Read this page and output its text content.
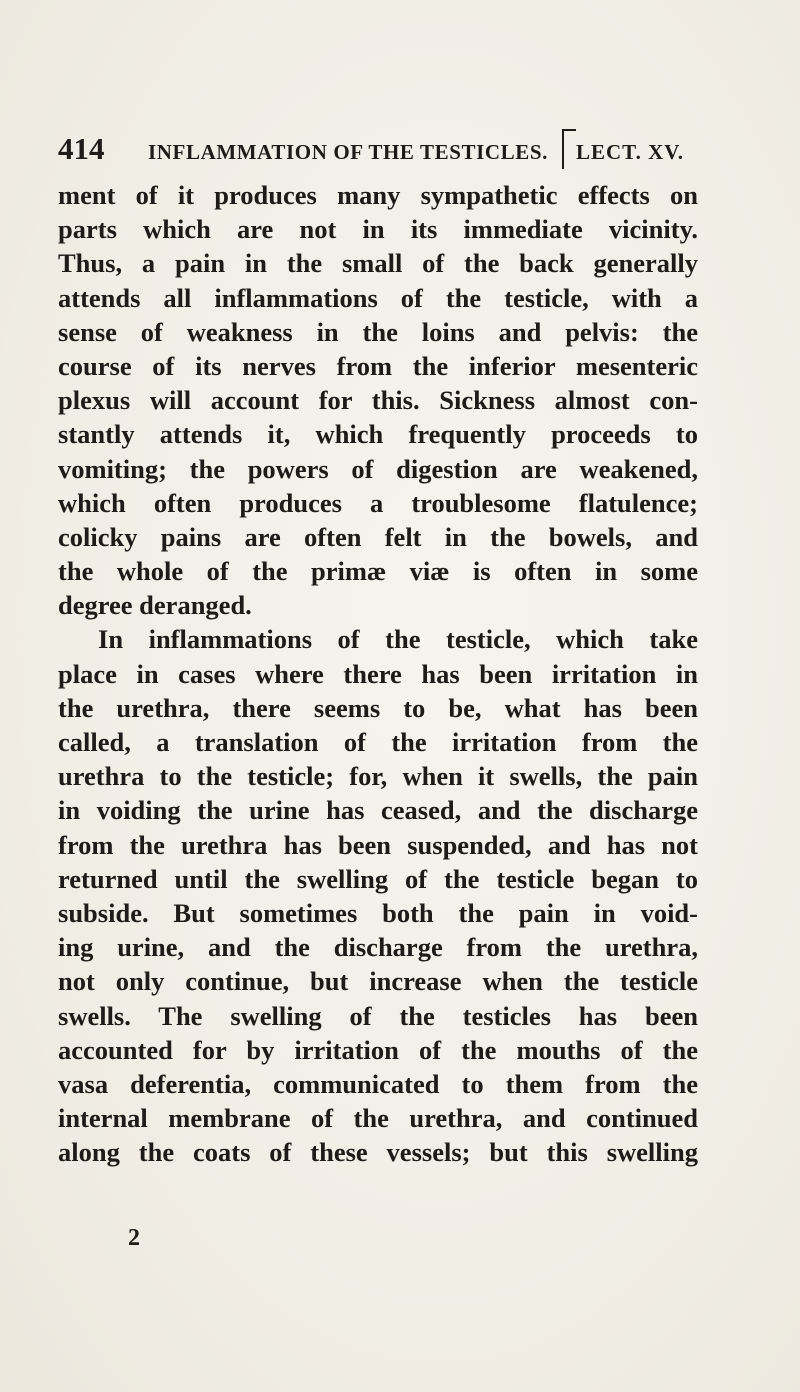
414 INFLAMMATION OF THE TESTICLES. LECT. XV.
ment of it produces many sympathetic effects on
parts which are not in its immediate vicinity.
Thus, a pain in the small of the back generally
attends all inflammations of the testicle, with a
sense of weakness in the loins and pelvis: the
course of its nerves from the inferior mesenteric
plexus will account for this. Sickness almost con-
stantly attends it, which frequently proceeds to
vomiting; the powers of digestion are weakened,
which often produces a troublesome flatulence;
colicky pains are often felt in the bowels, and
the whole of the primæ viæ is often in some
degree deranged.
In inflammations of the testicle, which take
place in cases where there has been irritation in
the urethra, there seems to be, what has been
called, a translation of the irritation from the
urethra to the testicle; for, when it swells, the pain
in voiding the urine has ceased, and the discharge
from the urethra has been suspended, and has not
returned until the swelling of the testicle began to
subside. But sometimes both the pain in void-
ing urine, and the discharge from the urethra,
not only continue, but increase when the testicle
swells. The swelling of the testicles has been
accounted for by irritation of the mouths of the
vasa deferentia, communicated to them from the
internal membrane of the urethra, and continued
along the coats of these vessels; but this swelling
2
